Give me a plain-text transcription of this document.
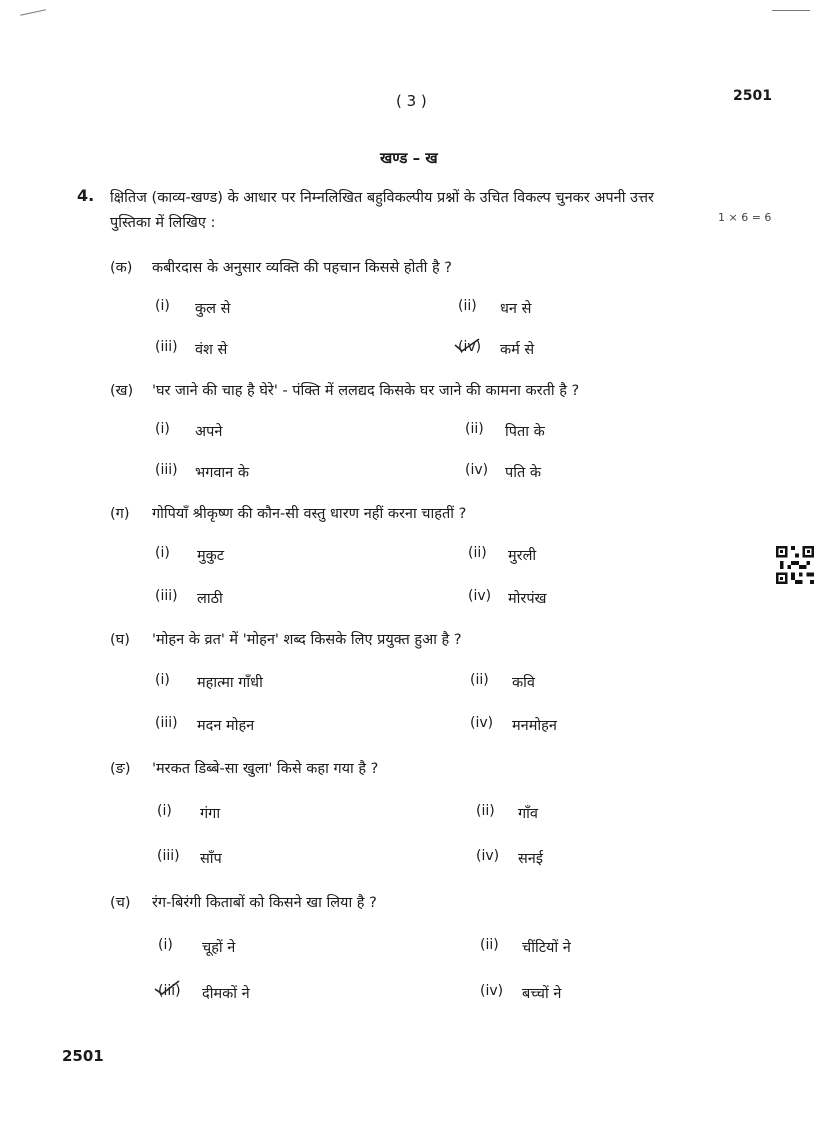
( 3 )	2501
खण्ड – ख
4. क्षितिज (काव्य-खण्ड) के आधार पर निम्नलिखित बहुविकल्पीय प्रश्नों के उचित विकल्प चुनकर अपनी उत्तर
पुस्तिका में लिखिए :	1 × 6 = 6
(क) कबीरदास के अनुसार व्यक्ति की पहचान किससे होती है ?
(i) कुल से	(ii) धन से
(iii) वंश से	(iv) कर्म से
(ख) 'घर जाने की चाह है घेरे' - पंक्ति में ललद्यद किसके घर जाने की कामना करती है ?
(i) अपने	(ii) पिता के
(iii) भगवान के	(iv) पति के
(ग) गोपियाँ श्रीकृष्ण की कौन-सी वस्तु धारण नहीं करना चाहतीं ?
(i) मुकुट	(ii) मुरली
(iii) लाठी	(iv) मोरपंख
(घ) 'मोहन के व्रत' में 'मोहन' शब्द किसके लिए प्रयुक्त हुआ है ?
(i) महात्मा गाँधी	(ii) कवि
(iii) मदन मोहन	(iv) मनमोहन
(ङ) 'मरकत डिब्बे-सा खुला' किसे कहा गया है ?
(i) गंगा	(ii) गाँव
(iii) साँप	(iv) सनई
(च) रंग-बिरंगी किताबों को किसने खा लिया है ?
(i) चूहों ने	(ii) चींटियों ने
(iii) दीमकों ने	(iv) बच्चों ने
2501
